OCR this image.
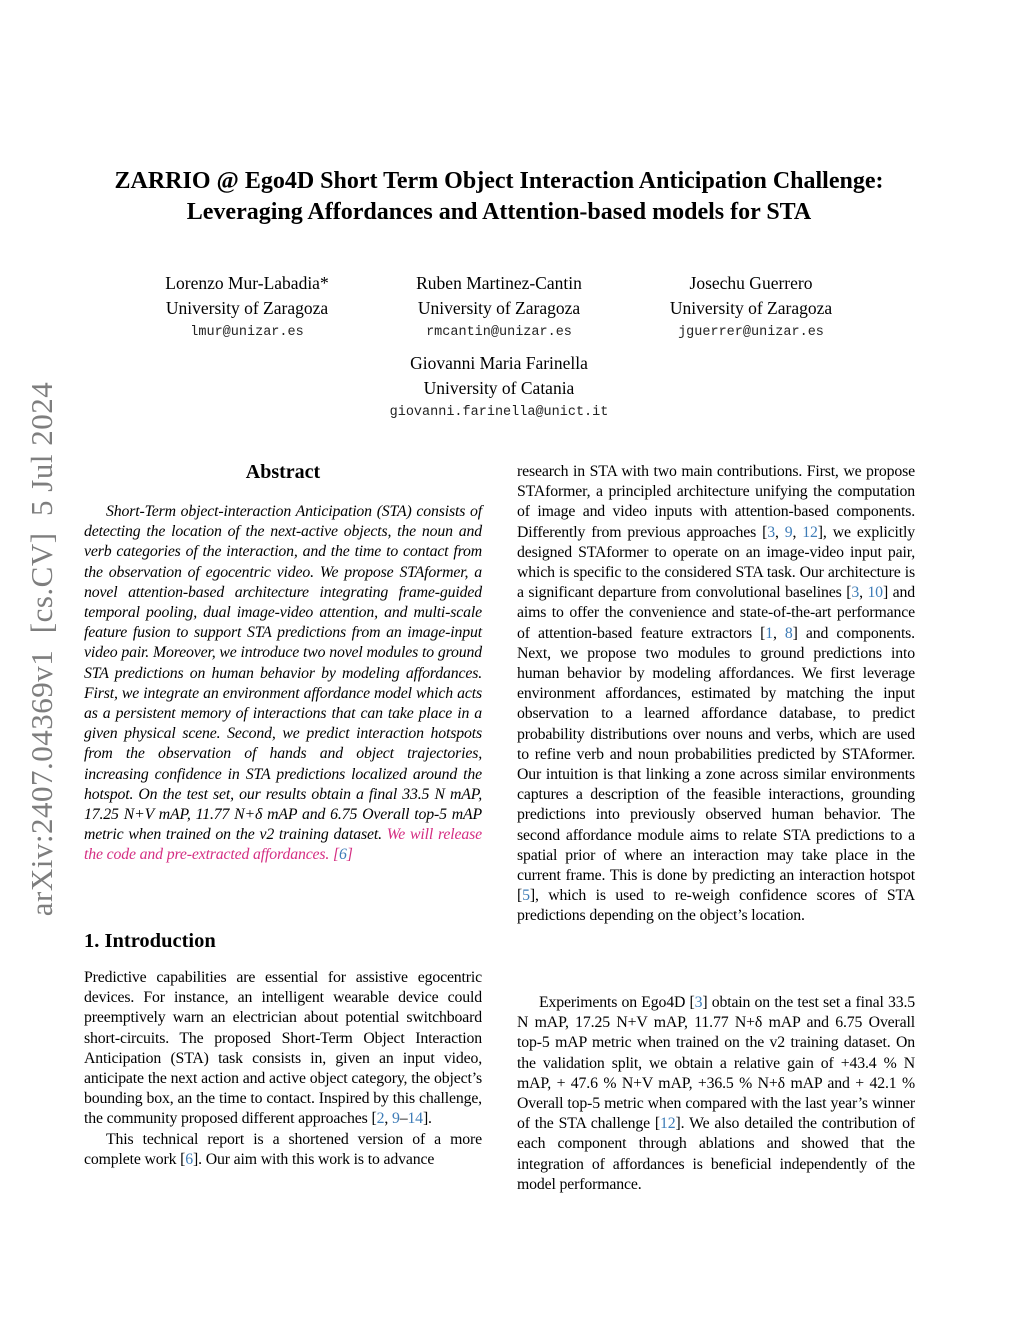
arXiv:2407.04369v1  [cs.CV]  5 Jul 2024
ZARRIO @ Ego4D Short Term Object Interaction Anticipation Challenge:
Leveraging Affordances and Attention-based models for STA
Lorenzo Mur-Labadia*
University of Zaragoza
lmur@unizar.es
Ruben Martinez-Cantin
University of Zaragoza
rmcantin@unizar.es
Josechu Guerrero
University of Zaragoza
jguerrer@unizar.es
Giovanni Maria Farinella
University of Catania
giovanni.farinella@unict.it
Abstract

Short-Term object-interaction Anticipation (STA) consists of detecting the location of the next-active objects, the noun and verb categories of the interaction, and the time to contact from the observation of egocentric video. We propose STAformer, a novel attention-based architecture integrating frame-guided temporal pooling, dual image-video attention, and multi-scale feature fusion to support STA predictions from an image-input video pair. Moreover, we introduce two novel modules to ground STA predictions on human behavior by modeling affordances. First, we integrate an environment affordance model which acts as a persistent memory of interactions that can take place in a given physical scene. Second, we predict interaction hotspots from the observation of hands and object trajectories, increasing confidence in STA predictions localized around the hotspot. On the test set, our results obtain a final 33.5 N mAP, 17.25 N+V mAP, 11.77 N+δ mAP and 6.75 Overall top-5 mAP metric when trained on the v2 training dataset. We will release the code and pre-extracted affordances. [6]

1. Introduction

Predictive capabilities are essential for assistive egocentric devices. For instance, an intelligent wearable device could preemptively warn an electrician about potential switchboard short-circuits. The proposed Short-Term Object Interaction Anticipation (STA) task consists in, given an input video, anticipate the next action and active object category, the object’s bounding box, an the time to contact. Inspired by this challenge, the community proposed different approaches [2, 9–14].

This technical report is a shortened version of a more complete work [6]. Our aim with this work is to advance

research in STA with two main contributions. First, we propose STAformer, a principled architecture unifying the computation of image and video inputs with attention-based components. Differently from previous approaches [3, 9, 12], we explicitly designed STAformer to operate on an image-video input pair, which is specific to the considered STA task. Our architecture is a significant departure from convolutional baselines [3, 10] and aims to offer the convenience and state-of-the-art performance of attention-based feature extractors [1, 8] and components. Next, we propose two modules to ground predictions into human behavior by modeling affordances. We first leverage environment affordances, estimated by matching the input observation to a learned affordance database, to predict probability distributions over nouns and verbs, which are used to refine verb and noun probabilities predicted by STAformer. Our intuition is that linking a zone across similar environments captures a description of the feasible interactions, grounding predictions into previously observed human behavior. The second affordance module aims to relate STA predictions to a spatial prior of where an interaction may take place in the current frame. This is done by predicting an interaction hotspot [5], which is used to re-weigh confidence scores of STA predictions depending on the object’s location.

Experiments on Ego4D [3] obtain on the test set a final 33.5 N mAP, 17.25 N+V mAP, 11.77 N+δ mAP and 6.75 Overall top-5 mAP metric when trained on the v2 training dataset. On the validation split, we obtain a relative gain of +43.4 % N mAP, + 47.6 % N+V mAP, +36.5 % N+δ mAP and + 42.1 % Overall top-5 metric when compared with the last year’s winner of the STA challenge [12]. We also detailed the contribution of each component through ablations and showed that the integration of affordances is beneficial independently of the model performance.
